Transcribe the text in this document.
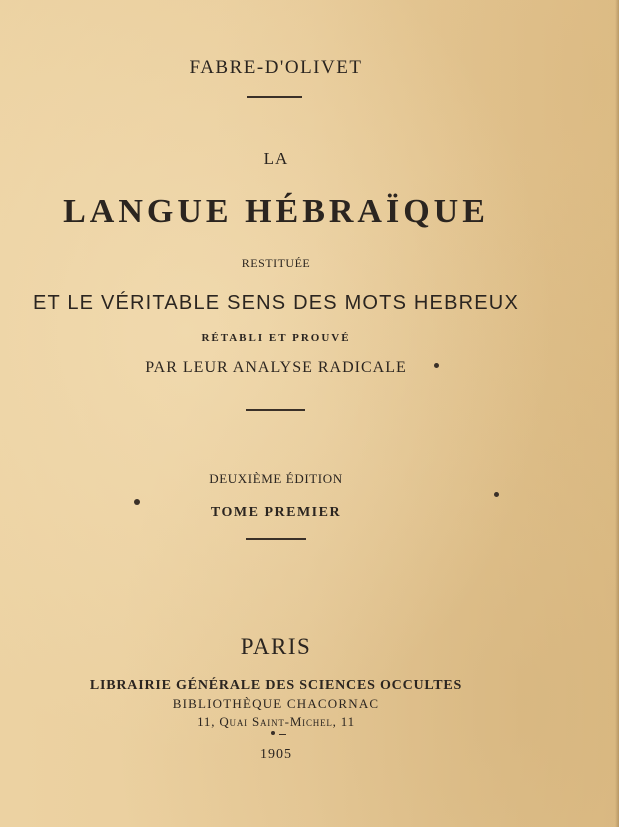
FABRE-D'OLIVET
LA
LANGUE HÉBRAÏQUE
RESTITUÉE
ET LE VÉRITABLE SENS DES MOTS HEBREUX
RÉTABLI ET PROUVÉ
PAR LEUR ANALYSE RADICALE
DEUXIÈME ÉDITION
TOME PREMIER
PARIS
LIBRAIRIE GÉNÉRALE DES SCIENCES OCCULTES
BIBLIOTHÈQUE CHACORNAC
11, Quai Saint-Michel, 11
1905
